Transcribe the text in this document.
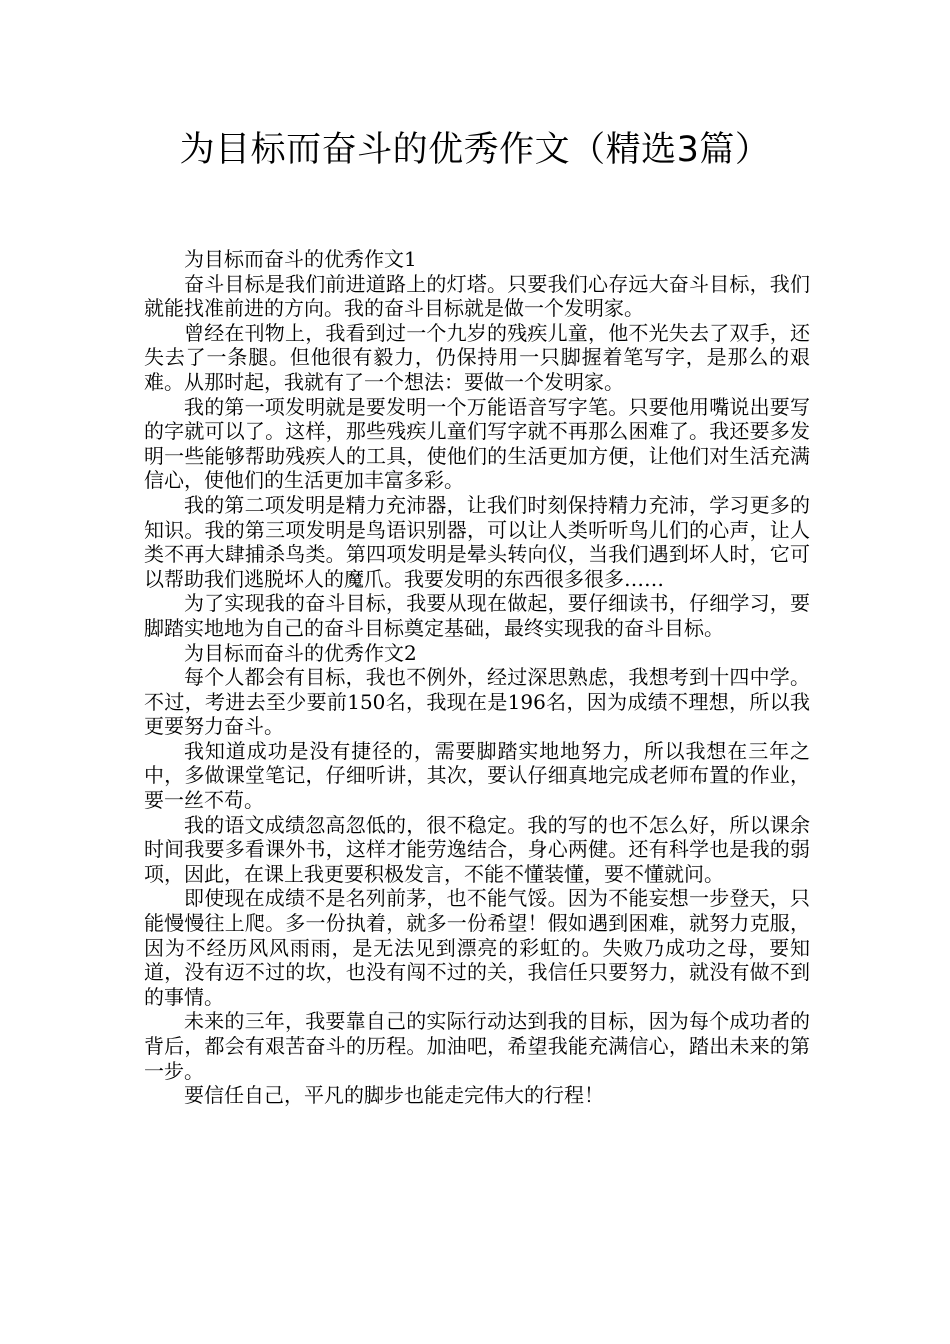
为目标而奋斗的优秀作文（精选3篇）

为目标而奋斗的优秀作文1

奋斗目标是我们前进道路上的灯塔。只要我们心存远大奋斗目标，我们就能找准前进的方向。我的奋斗目标就是做一个发明家。

曾经在刊物上，我看到过一个九岁的残疾儿童，他不光失去了双手，还失去了一条腿。但他很有毅力，仍保持用一只脚握着笔写字，是那么的艰难。从那时起，我就有了一个想法：要做一个发明家。

我的第一项发明就是要发明一个万能语音写字笔。只要他用嘴说出要写的字就可以了。这样，那些残疾儿童们写字就不再那么困难了。我还要多发明一些能够帮助残疾人的工具，使他们的生活更加方便，让他们对生活充满信心，使他们的生活更加丰富多彩。

我的第二项发明是精力充沛器，让我们时刻保持精力充沛，学习更多的知识。我的第三项发明是鸟语识别器，可以让人类听听鸟儿们的心声，让人类不再大肆捕杀鸟类。第四项发明是晕头转向仪，当我们遇到坏人时，它可以帮助我们逃脱坏人的魔爪。我要发明的东西很多很多……

为了实现我的奋斗目标，我要从现在做起，要仔细读书，仔细学习，要脚踏实地地为自己的奋斗目标奠定基础，最终实现我的奋斗目标。

为目标而奋斗的优秀作文2

每个人都会有目标，我也不例外，经过深思熟虑，我想考到十四中学。不过，考进去至少要前150名，我现在是196名，因为成绩不理想，所以我更要努力奋斗。

我知道成功是没有捷径的，需要脚踏实地地努力，所以我想在三年之中，多做课堂笔记，仔细听讲，其次，要认仔细真地完成老师布置的作业，要一丝不苟。

我的语文成绩忽高忽低的，很不稳定。我的写的也不怎么好，所以课余时间我要多看课外书，这样才能劳逸结合，身心两健。还有科学也是我的弱项，因此，在课上我更要积极发言，不能不懂装懂，要不懂就问。

即使现在成绩不是名列前茅，也不能气馁。因为不能妄想一步登天，只能慢慢往上爬。多一份执着，就多一份希望！假如遇到困难，就努力克服，因为不经历风风雨雨，是无法见到漂亮的彩虹的。失败乃成功之母，要知道，没有迈不过的坎，也没有闯不过的关，我信任只要努力，就没有做不到的事情。

未来的三年，我要靠自己的实际行动达到我的目标，因为每个成功者的背后，都会有艰苦奋斗的历程。加油吧，希望我能充满信心，踏出未来的第一步。

要信任自己，平凡的脚步也能走完伟大的行程！
